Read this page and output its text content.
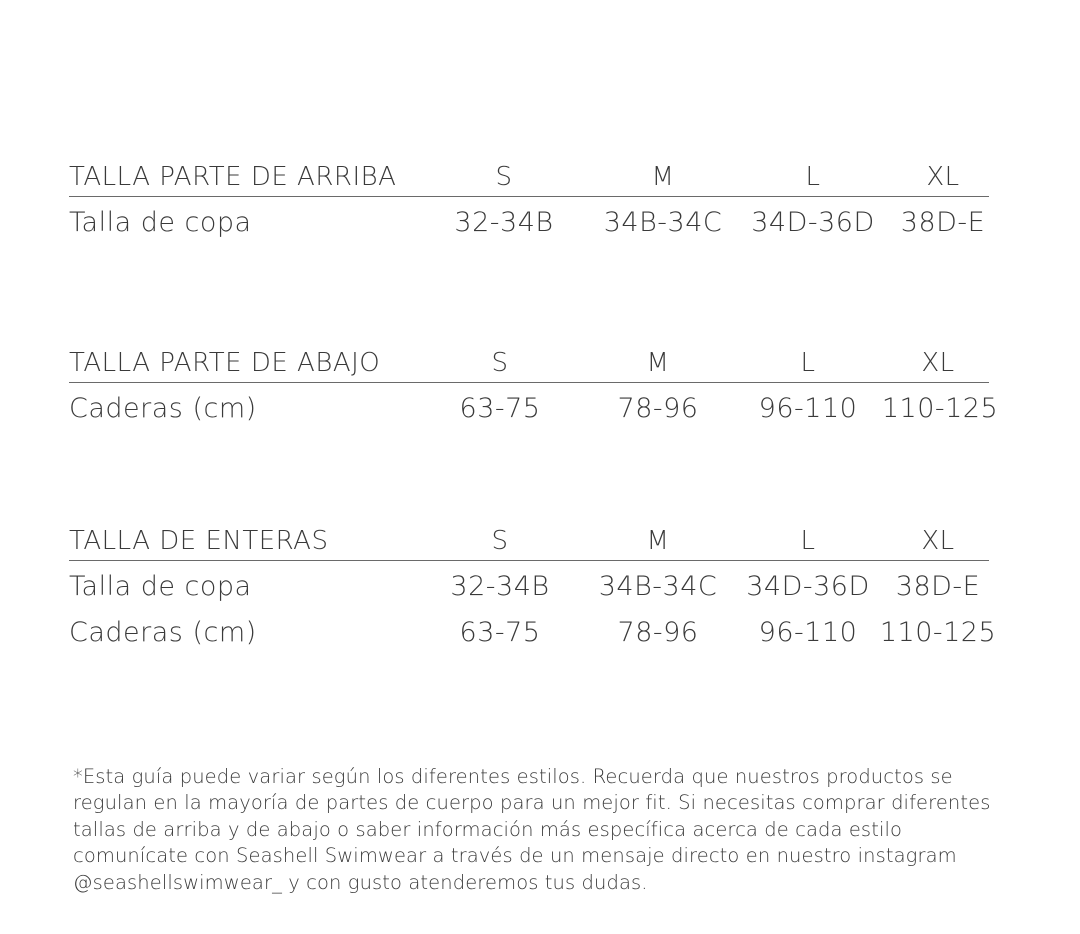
TALLA PARTE DE ARRIBA	S	M	L	XL
Talla de copa	32-34B 34B-34C 34D-36D 38D-E
TALLA PARTE DE ABAJO	S	M	L	XL
Caderas (cm)	63-75	78-96 96-110 110-125
TALLA DE ENTERAS	S	M	L	XL
Talla de copa	32-34B 34B-34C 34D-36D 38D-E
Caderas (cm)	63-75	78-96 96-110 110-125

*Esta guía puede variar según los diferentes estilos. Recuerda que nuestros productos se regulan en la mayoría de partes de cuerpo para un mejor fit. Si necesitas comprar diferentes tallas de arriba y de abajo o saber información más específica acerca de cada estilo comunícate con Seashell Swimwear a través de un mensaje directo en nuestro instagram @seashellswimwear_ y con gusto atenderemos tus dudas.
